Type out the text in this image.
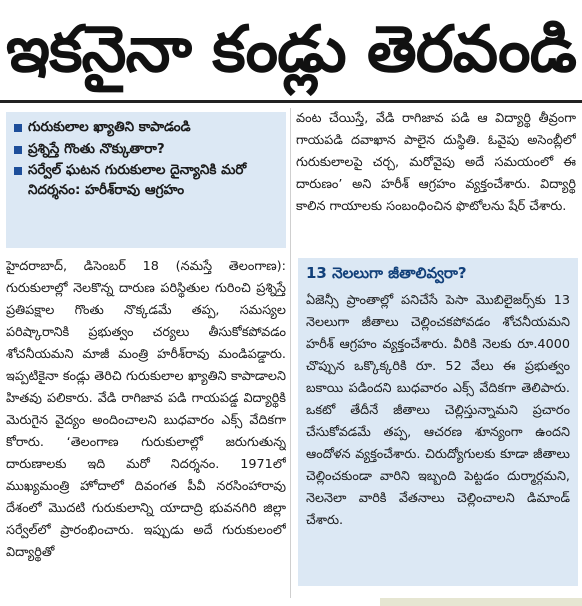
ఇకనైనా కండ్లు తెరవండి
గురుకులాల ఖ్యాతిని కాపాడండి
ప్రశ్నిస్తే గొంతు నొక్కుతారా?
సర్వేల్‌ ఘటన గురుకులాల దైన్యానికి మరో నిదర్శనం: హరీశ్‌రావు ఆగ్రహం
హైదరాబాద్‌, డిసెంబర్‌ 18 (నమస్తే తెలంగాణ): గురుకులాల్లో నెలకొన్న దారుణ పరిస్థితుల గురించి ప్రశ్నిస్తే ప్రతిపక్షాల గొంతు నొక్కడమే తప్ప, సమస్యల పరిష్కారానికి ప్రభుత్వం చర్యలు తీసుకోకపోవడం శోచనీయమని మాజీ మంత్రి హరీశ్‌రావు మండిపడ్డారు. ఇప్పటికైనా కండ్లు తెరిచి గురుకులాల ఖ్యాతిని కాపాడాలని హితవు పలికారు. వేడి రాగిజావ పడి గాయపడ్డ విద్యార్థికి మెరుగైన వైద్యం అందించాలని బుధవారం ఎక్స్‌ వేదికగా కోరారు. ‘తెలంగాణ గురుకులాల్లో జరుగుతున్న దారుణాలకు ఇది మరో నిదర్శనం. 1971లో ముఖ్యమంత్రి హోదాలో దివంగత పీవీ నరసింహారావు దేశంలో మొదటి గురుకులాన్ని యాదాద్రి భువనగిరి జిల్లా సర్వేల్‌లో ప్రారంభించారు. ఇప్పుడు అదే గురుకులంలో విద్యార్థితో
వంట చేయిస్తే, వేడి రాగిజావ పడి ఆ విద్యార్థి తీవ్రంగా గాయపడి దవాఖాన పాలైన దుస్థితి. ఓవైపు అసెంబ్లీలో గురుకులాలపై చర్చ, మరోవైపు అదే సమయంలో ఈ దారుణం’ అని హరీశ్‌ ఆగ్రహం వ్యక్తంచేశారు. విద్యార్థి కాలిన గాయాలకు సంబంధించిన ఫొటోలను షేర్‌ చేశారు.
13 నెలలుగా జీతాలివ్వరా?
ఏజెన్సీ ప్రాంతాల్లో పనిచేసే పెసా మొబిలైజర్స్‌కు 13 నెలలుగా జీతాలు చెల్లించకపోవడం శోచనీయమని హరీశ్‌ ఆగ్రహం వ్యక్తంచేశారు. వీరికి నెలకు రూ.4000 చొప్పున ఒక్కొక్కరికి రూ. 52 వేలు ఈ ప్రభుత్వం బకాయి పడిందని బుధవారం ఎక్స్‌ వేదికగా తెలిపారు. ఒకటో తేదీనే జీతాలు చెల్లిస్తున్నామని ప్రచారం చేసుకోవడమే తప్ప, ఆచరణ శూన్యంగా ఉందని ఆందోళన వ్యక్తంచేశారు. చిరుద్యోగులకు కూడా జీతాలు చెల్లించకుండా వారిని ఇబ్బంది పెట్టడం దుర్మార్గమని, నెలనెలా వారికి వేతనాలు చెల్లించాలని డిమాండ్‌ చేశారు.
